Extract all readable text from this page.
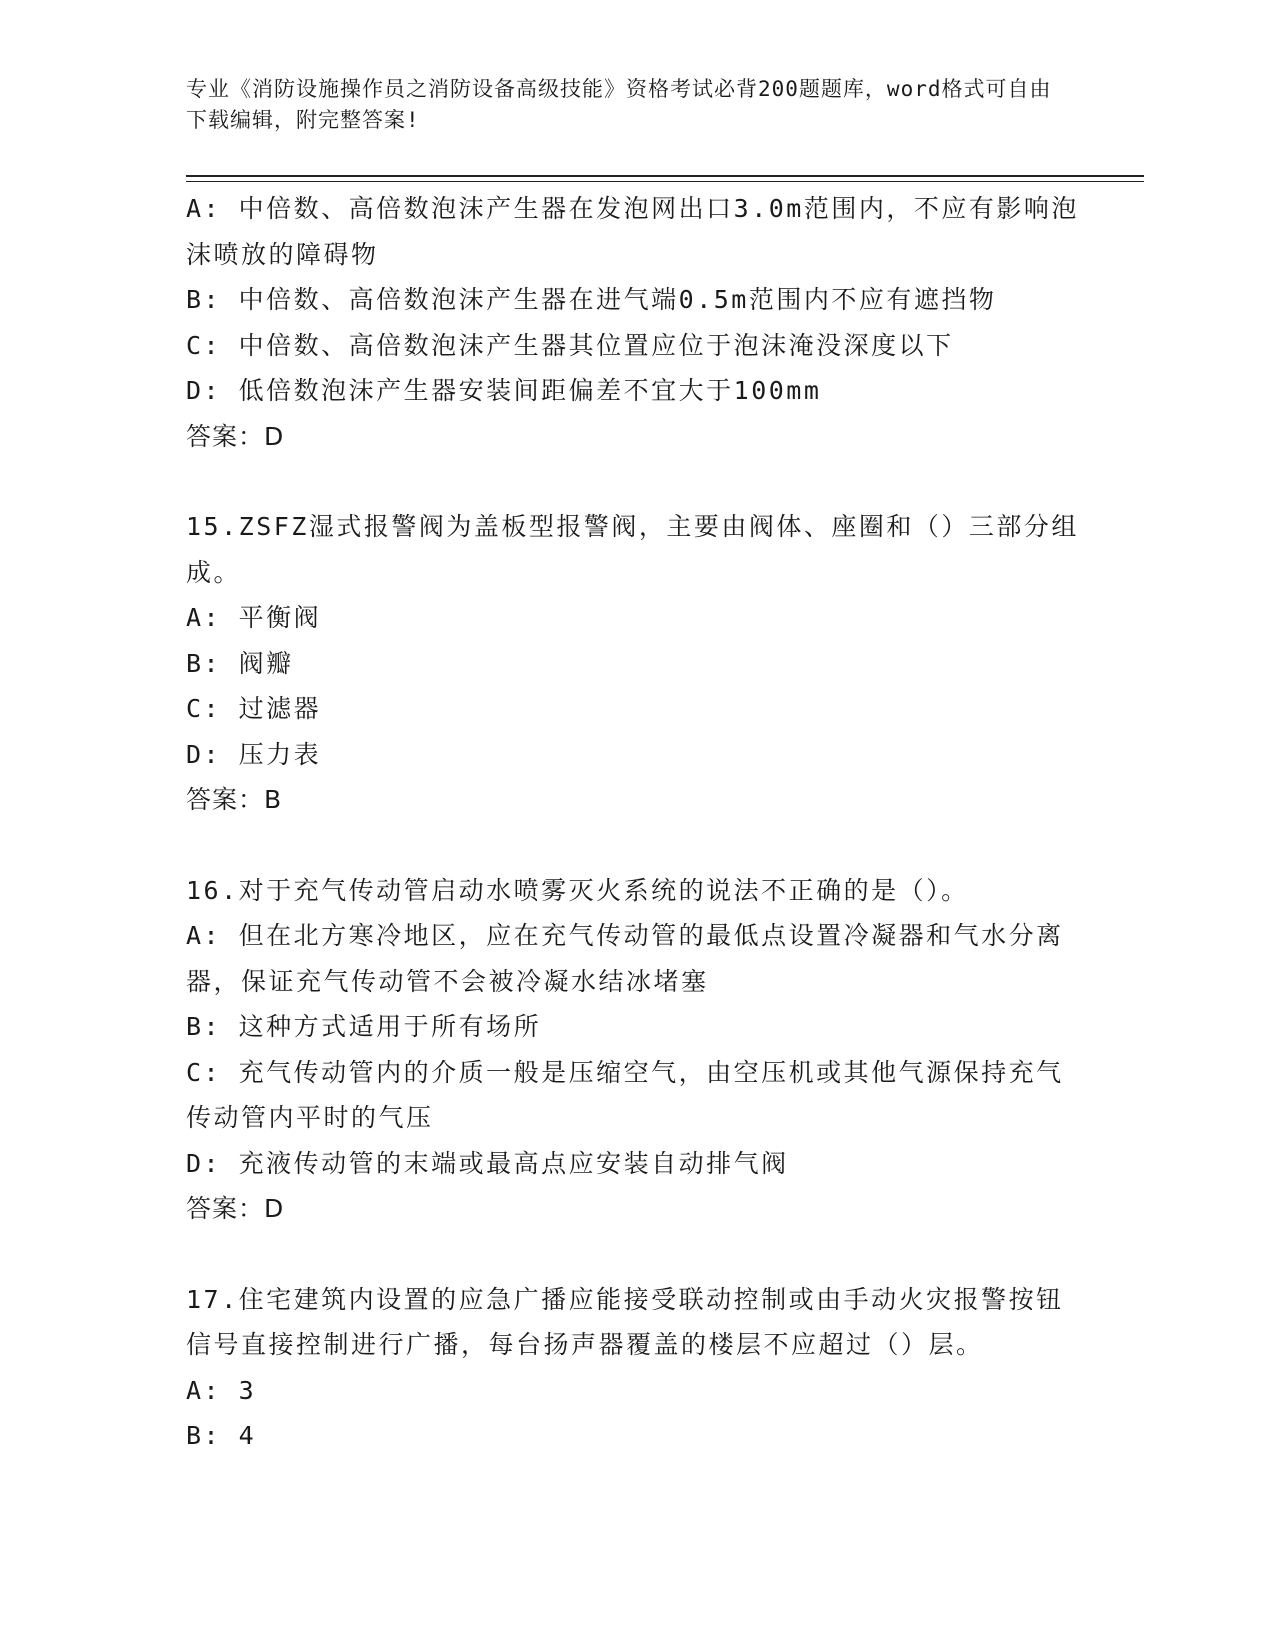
专业《消防设施操作员之消防设备高级技能》资格考试必背200题题库，word格式可自由下载编辑，附完整答案!

A: 中倍数、高倍数泡沫产生器在发泡网出口3.0m范围内，不应有影响泡沫喷放的障碍物

B: 中倍数、高倍数泡沫产生器在进气端0.5m范围内不应有遮挡物

C: 中倍数、高倍数泡沫产生器其位置应位于泡沫淹没深度以下

D: 低倍数泡沫产生器安装间距偏差不宜大于100mm

答案：D

15.ZSFZ湿式报警阀为盖板型报警阀，主要由阀体、座圈和（）三部分组成。

A: 平衡阀

B: 阀瓣

C: 过滤器

D: 压力表

答案：B

16.对于充气传动管启动水喷雾灭火系统的说法不正确的是（）。

A: 但在北方寒冷地区，应在充气传动管的最低点设置冷凝器和气水分离器，保证充气传动管不会被冷凝水结冰堵塞

B: 这种方式适用于所有场所

C: 充气传动管内的介质一般是压缩空气，由空压机或其他气源保持充气传动管内平时的气压

D: 充液传动管的末端或最高点应安装自动排气阀

答案：D

17.住宅建筑内设置的应急广播应能接受联动控制或由手动火灾报警按钮信号直接控制进行广播，每台扬声器覆盖的楼层不应超过（）层。

A: 3

B: 4
